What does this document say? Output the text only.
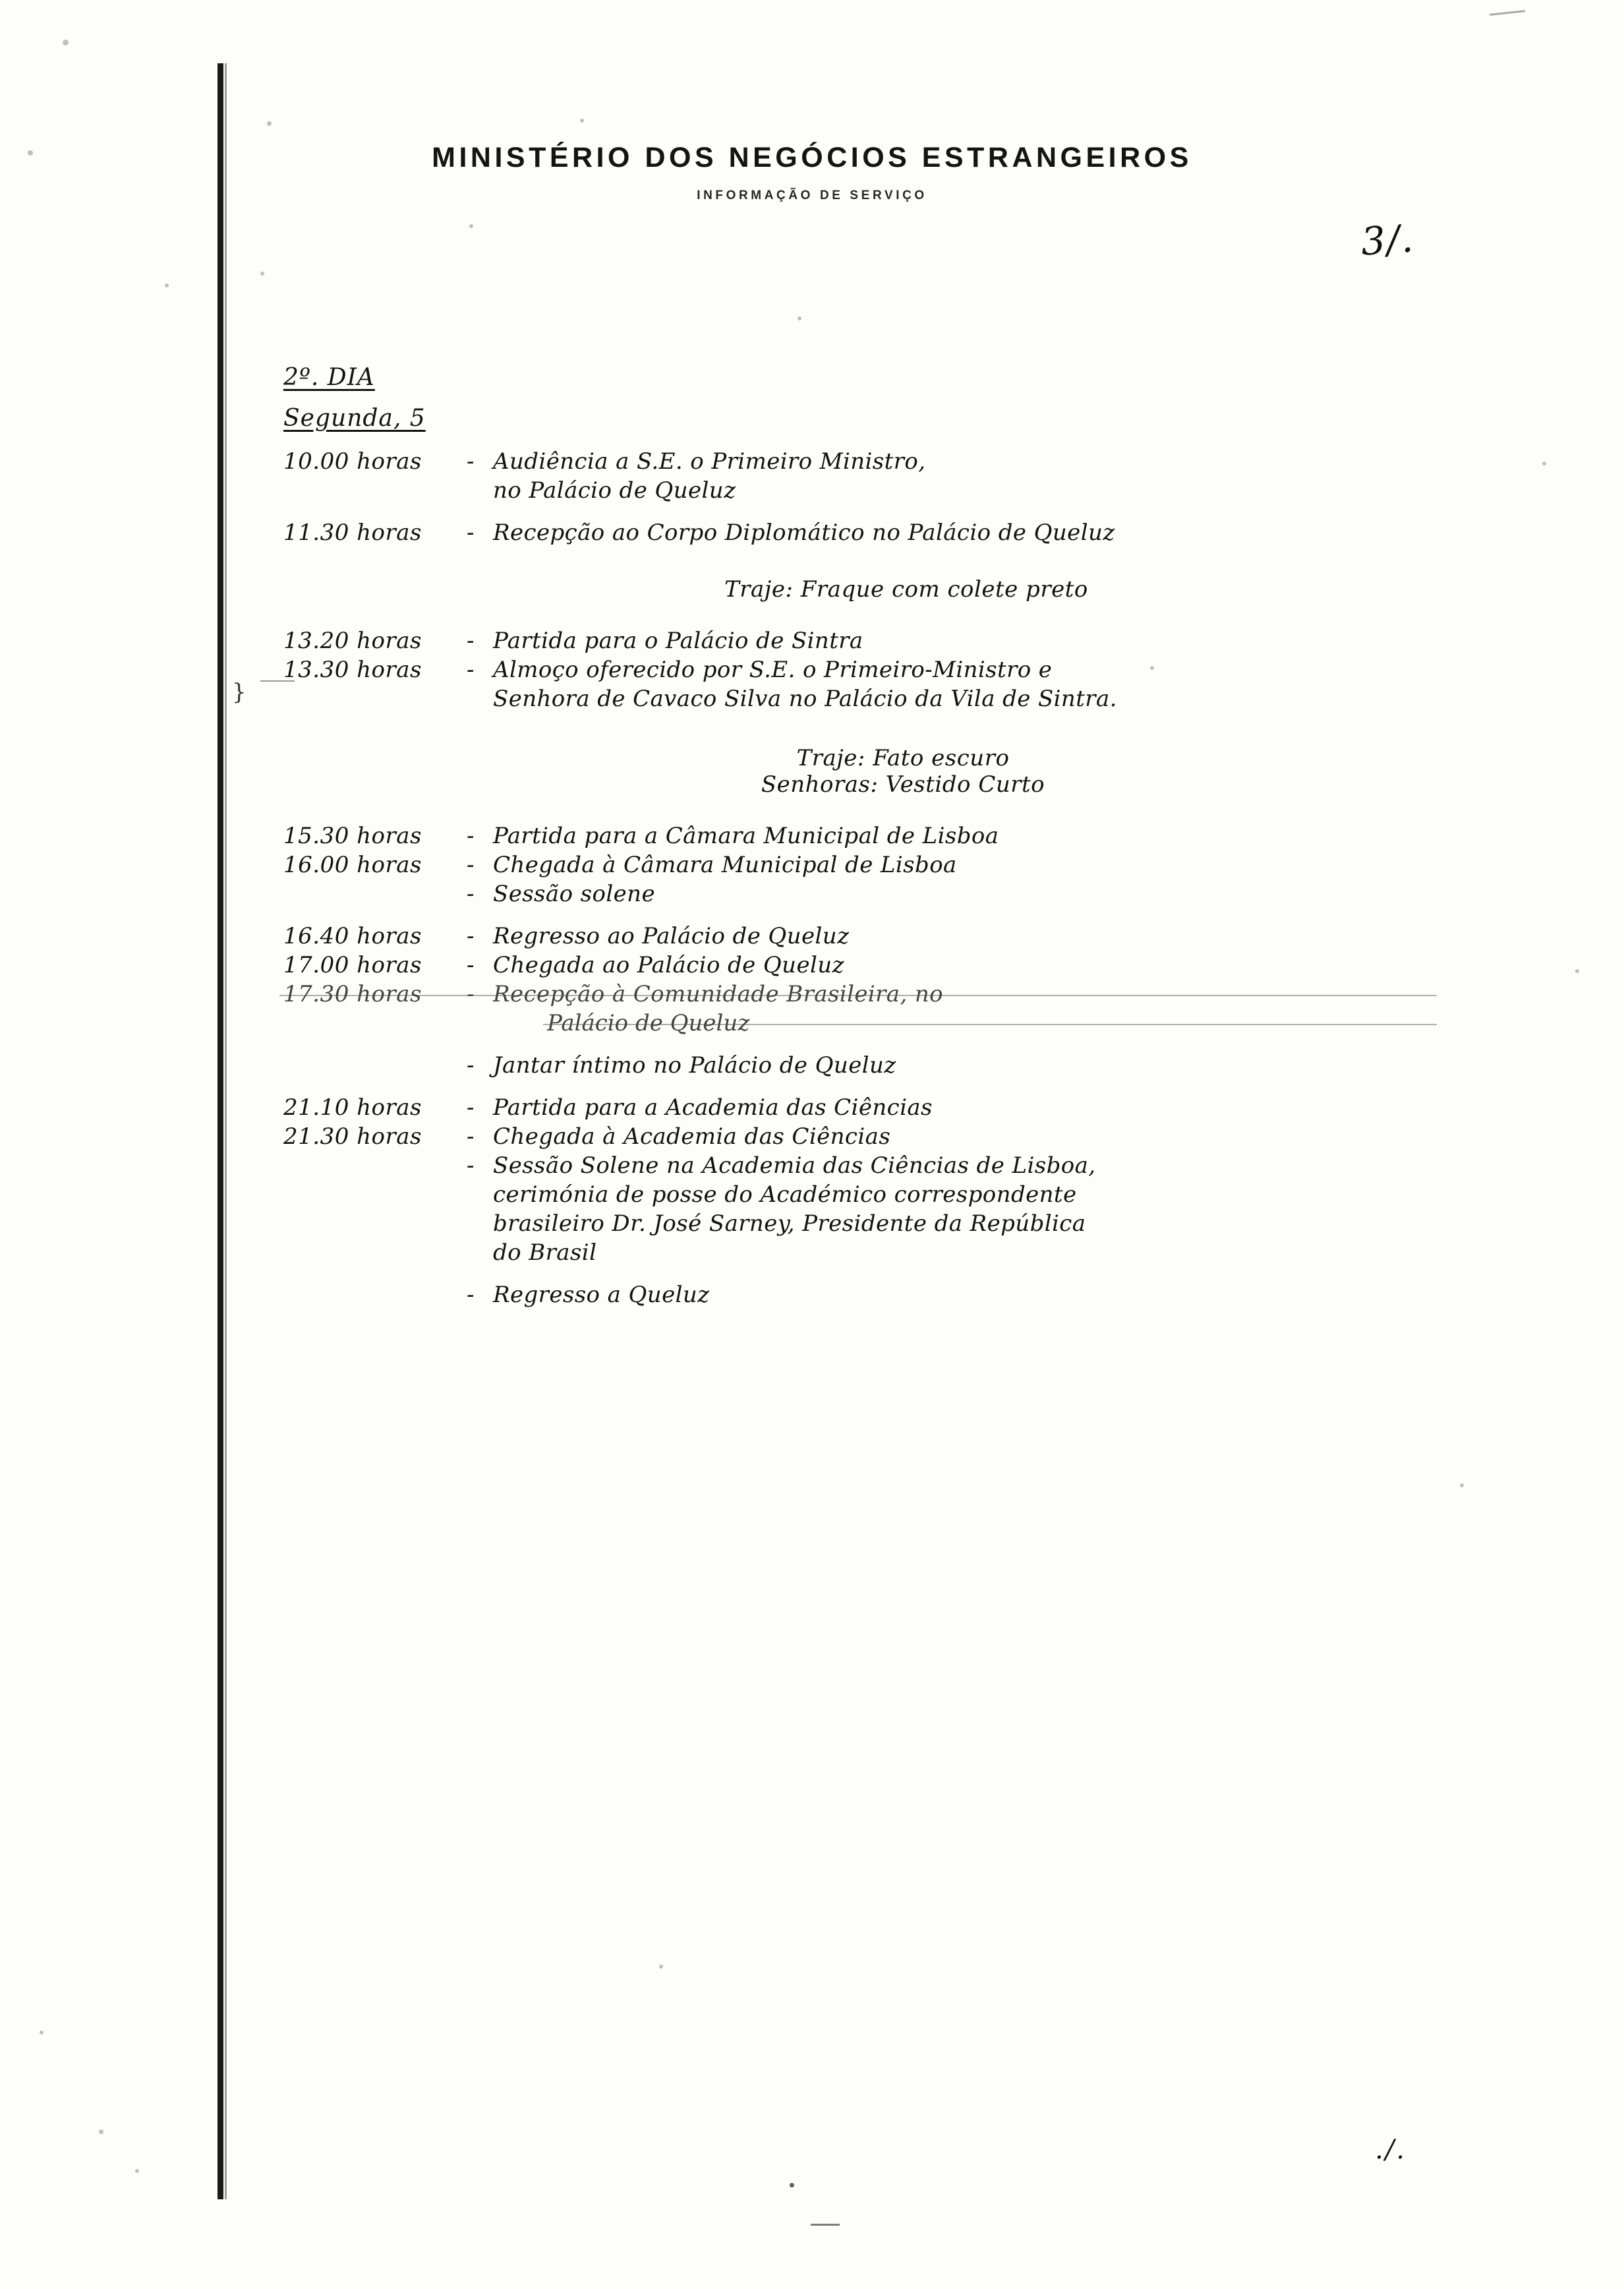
MINISTÉRIO DOS NEGÓCIOS ESTRANGEIROS
INFORMAÇÃO DE SERVIÇO
3/.
}
2º. DIA
Segunda, 5
10.00 horas	- Audiência a S.E. o Primeiro Ministro,
no Palácio de Queluz
11.30 horas	- Recepção ao Corpo Diplomático no Palácio de Queluz
Traje: Fraque com colete preto
13.20 horas	- Partida para o Palácio de Sintra
13.30 horas	- Almoço oferecido por S.E. o Primeiro-Ministro e
Senhora de Cavaco Silva no Palácio da Vila de Sintra.
Traje: Fato escuro
Senhoras: Vestido Curto
15.30 horas	- Partida para a Câmara Municipal de Lisboa
16.00 horas	- Chegada à Câmara Municipal de Lisboa
- Sessão solene
16.40 horas	- Regresso ao Palácio de Queluz
17.00 horas	- Chegada ao Palácio de Queluz
17.30 horas	- Recepção à Comunidade Brasileira, no
Palácio de Queluz
- Jantar íntimo no Palácio de Queluz
21.10 horas	- Partida para a Academia das Ciências
21.30 horas	- Chegada à Academia das Ciências
- Sessão Solene na Academia das Ciências de Lisboa,
cerimónia de posse do Académico correspondente
brasileiro Dr. José Sarney, Presidente da República
do Brasil
- Regresso a Queluz
./.
